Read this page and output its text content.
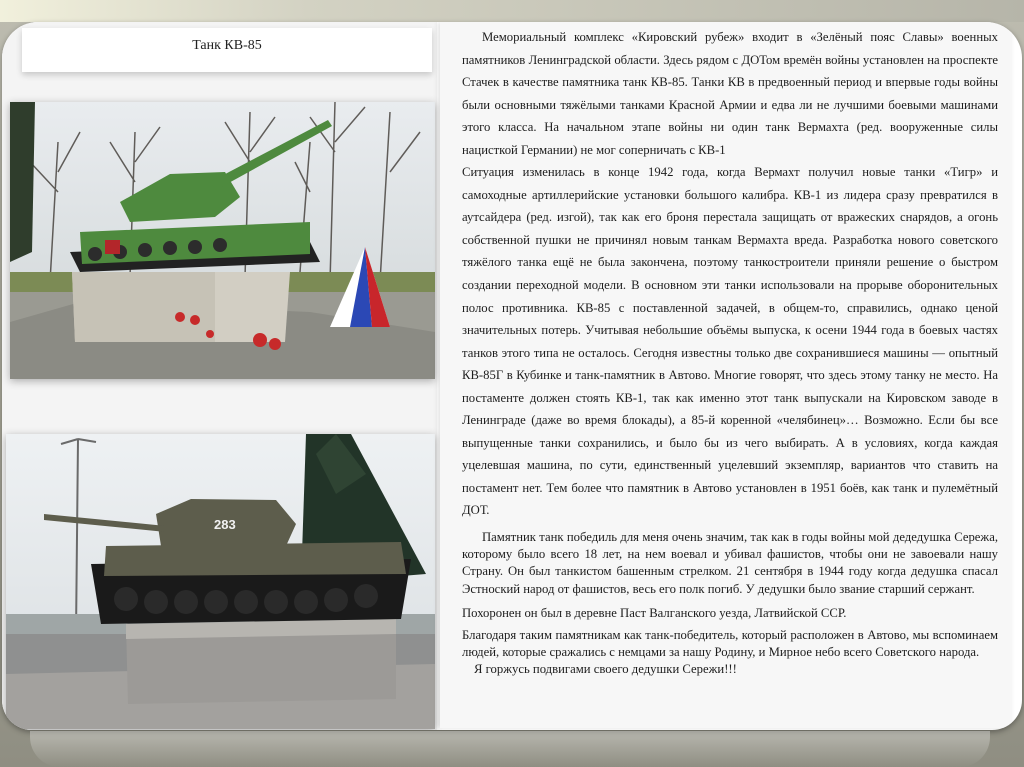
Танк КВ-85
283

Мемориальный комплекс «Кировский рубеж» входит в «Зелёный пояс Славы» военных памятников Ленинградской области. Здесь рядом с ДОТом времён войны установлен на проспекте Стачек в качестве памятника танк КВ-85. Танки КВ в предвоенный период и впервые годы войны были основными тяжёлыми танками Красной Армии и едва ли не лучшими боевыми машинами этого класса. На начальном этапе войны ни один танк Вермахта (ред. вооруженные силы нацисткой Германии) не мог соперничать с КВ-1

Ситуация изменилась в конце 1942 года, когда Вермахт получил новые танки «Тигр» и самоходные артиллерийские установки большого калибра. КВ-1 из лидера сразу превратился в аутсайдера (ред. изгой), так как его броня перестала защищать от вражеских снарядов, а огонь собственной пушки не причинял новым танкам Вермахта вреда. Разработка нового советского тяжёлого танка ещё не была закончена, поэтому танкостроители приняли решение о быстром создании переходной модели. В основном эти танки использовали на прорыве оборонительных полос противника. КВ-85 с поставленной задачей, в общем-то, справились, однако ценой значительных потерь. Учитывая небольшие объёмы выпуска, к осени 1944 года в боевых частях танков этого типа не осталось. Сегодня известны только две сохранившиеся машины — опытный КВ-85Г в Кубинке и танк-памятник в Автово. Многие говорят, что здесь этому танку не место. На постаменте должен стоять КВ-1, так как именно этот танк выпускали на Кировском заводе в Ленинграде (даже во время блокады), а 85-й коренной «челябинец»… Возможно. Если бы все выпущенные танки сохранились, и было бы из чего выбирать. А в условиях, когда каждая уцелевшая машина, по сути, единственный уцелевший экземпляр, вариантов что ставить на постамент нет. Тем более что памятник в Автово установлен в 1951 боёв, как танк и пулемётный ДОТ.

Памятник танк победиль для меня очень значим, так как в годы войны мой дедедушка Сережа, которому было всего 18 лет, на нем воевал и убивал фашистов, чтобы они не завоевали нашу Страну. Он был танкистом башенным стрелком. 21 сентября в 1944 году когда дедушка спасал Эстнoский народ от фашистов, весь его полк погиб. У дедушки было звание старший сержант.

Похоронен он был в деревне Паст Валганского уезда, Латвийской ССР.

Благодаря таким памятникам как танк-победитель, который расположен в Автово, мы вспоминаем людей, которые сражались с немцами за нашу Родину, и Мирное небо всего Советского народа.

Я горжусь подвигами своего дедушки Сережи!!!
